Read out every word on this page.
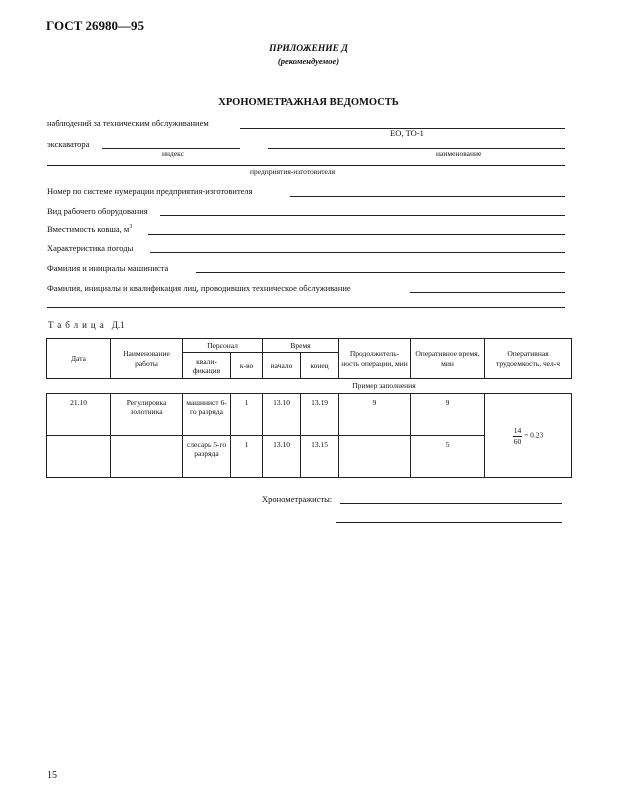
ГОСТ 26980—95
ПРИЛОЖЕНИЕ Д
(рекомендуемое)
ХРОНОМЕТРАЖНАЯ ВЕДОМОСТЬ
наблюдений за техническим обслуживанием
ЕО, ТО-1
экскаватора
индекс	наименование
предприятия-изготовителя
Номер по системе нумерации предприятия-изготовителя
Вид рабочего оборудования
Вместимость ковша, $м^3$
Характеристика погоды
Фамилия и инициалы машиниста
Фамилия, инициалы и квалификация лиц, проводивших техническое обслуживание
Таблица Д.1
Дата	Наименование работы	Персонал		Время		Продолжитель-ность операции, мин	Оперативное время, мин	Оперативная трудоемкость, чел-ч
		квали-фикация	к-во	начало	конец			
Пример заполнения								
21.10	Регулировка золотника	машинист 6-го разряда	1	13.10	13.19	9	9	$\frac{14}{60} = 0.23$
		слесарь 5-го разряда	1	13.10	13.15		5	
Хронометражисты:
15
